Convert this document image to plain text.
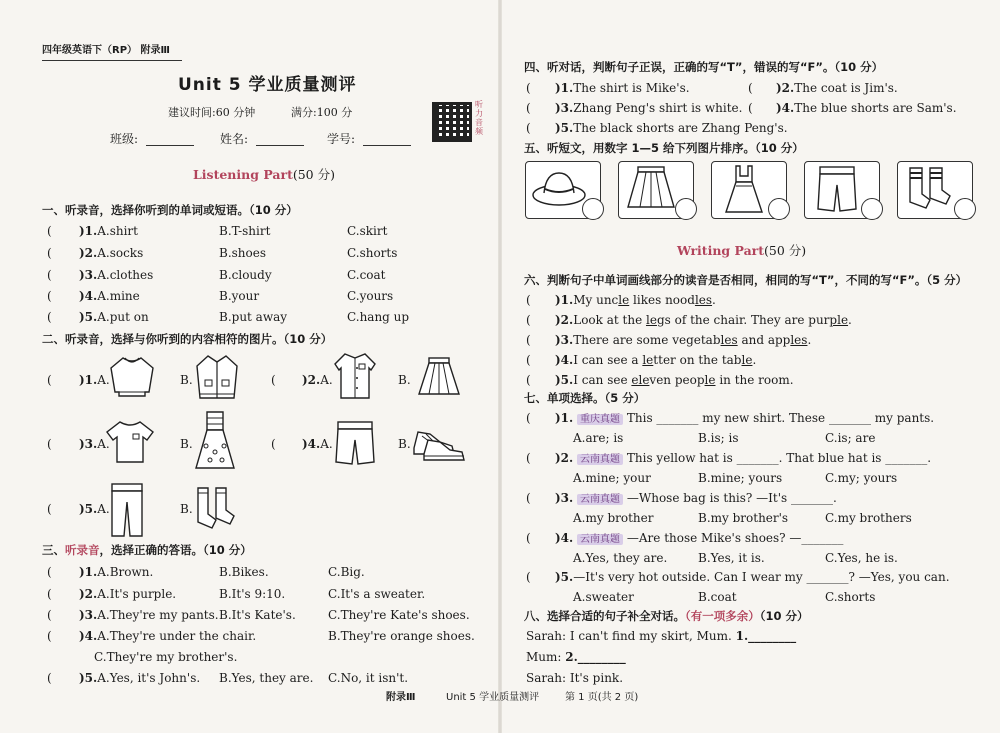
四年级英语下（RP） 附录Ⅲ
Unit 5 学业质量测评
建议时间:60 分钟	满分:100 分
听力音频
班级:	姓名:	学号:
Listening Part(50 分)
一、听录音，选择你听到的单词或短语。（10 分）
( )1.A.shirt	B.T-shirt	C.skirt
( )2.A.socks	B.shoes	C.shorts
( )3.A.clothes	B.cloudy	C.coat
( )4.A.mine	B.your	C.yours
( )5.A.put on	B.put away	C.hang up
二、听录音，选择与你听到的内容相符的图片。（10 分）
( )1.A.	B.	( )2.A.	B.
( )3.A.	B.	( )4.A.	B.
( )5.A.	B.
三、听录音，选择正确的答语。（10 分）
( )1.A.Brown.	B.Bikes.	C.Big.
( )2.A.It's purple.	B.It's 9:10.	C.It's a sweater.
( )3.A.They're my pants. B.It's Kate's.	C.They're Kate's shoes.
( )4.A.They're under the chair.	B.They're orange shoes.
C.They're my brother's.
( )5.A.Yes, it's John's. B.Yes, they are. C.No, it isn't.
附录Ⅲ
四、听对话，判断句子正误，正确的写“T”，错误的写“F”。（10 分）
( )1.The shirt is Mike's.
( )3.Zhang Peng's shirt is white.
( )2.The coat is Jim's.
( )4.The blue shorts are Sam's.
( )5.The black shorts are Zhang Peng's.
五、听短文，用数字 1—5 给下列图片排序。（10 分）
Writing Part(50 分)
六、判断句子中单词画线部分的读音是否相同，相同的写“T”，不同的写“F”。（5 分）
( )1.My uncle likes noodles.
( )2.Look at the legs of the chair. They are purple.
( )3.There are some vegetables and apples.
( )4.I can see a letter on the table.
( )5.I can see eleven people in the room.
七、单项选择。（5 分）
( )1. 重庆真题 This _______ my new shirt. These _______ my pants.
A.are; is	B.is; is	C.is; are
( )2. 云南真题 This yellow hat is _______. That blue hat is _______.
A.mine; your	B.mine; yours	C.my; yours
( )3. 云南真题 —Whose bag is this? —It's _______.
A.my brother	B.my brother's	C.my brothers
( )4. 云南真题 —Are those Mike's shoes? —_______
A.Yes, they are.	B.Yes, it is.	C.Yes, he is.
( )5.—It's very hot outside. Can I wear my _______? —Yes, you can.
A.sweater	B.coat	C.shorts
八、选择合适的句子补全对话。（有一项多余）（10 分）
Sarah: I can't find my skirt, Mum. 1.________
Mum: 2.________
Sarah: It's pink.
Unit 5 学业质量测评	第 1 页(共 2 页)
